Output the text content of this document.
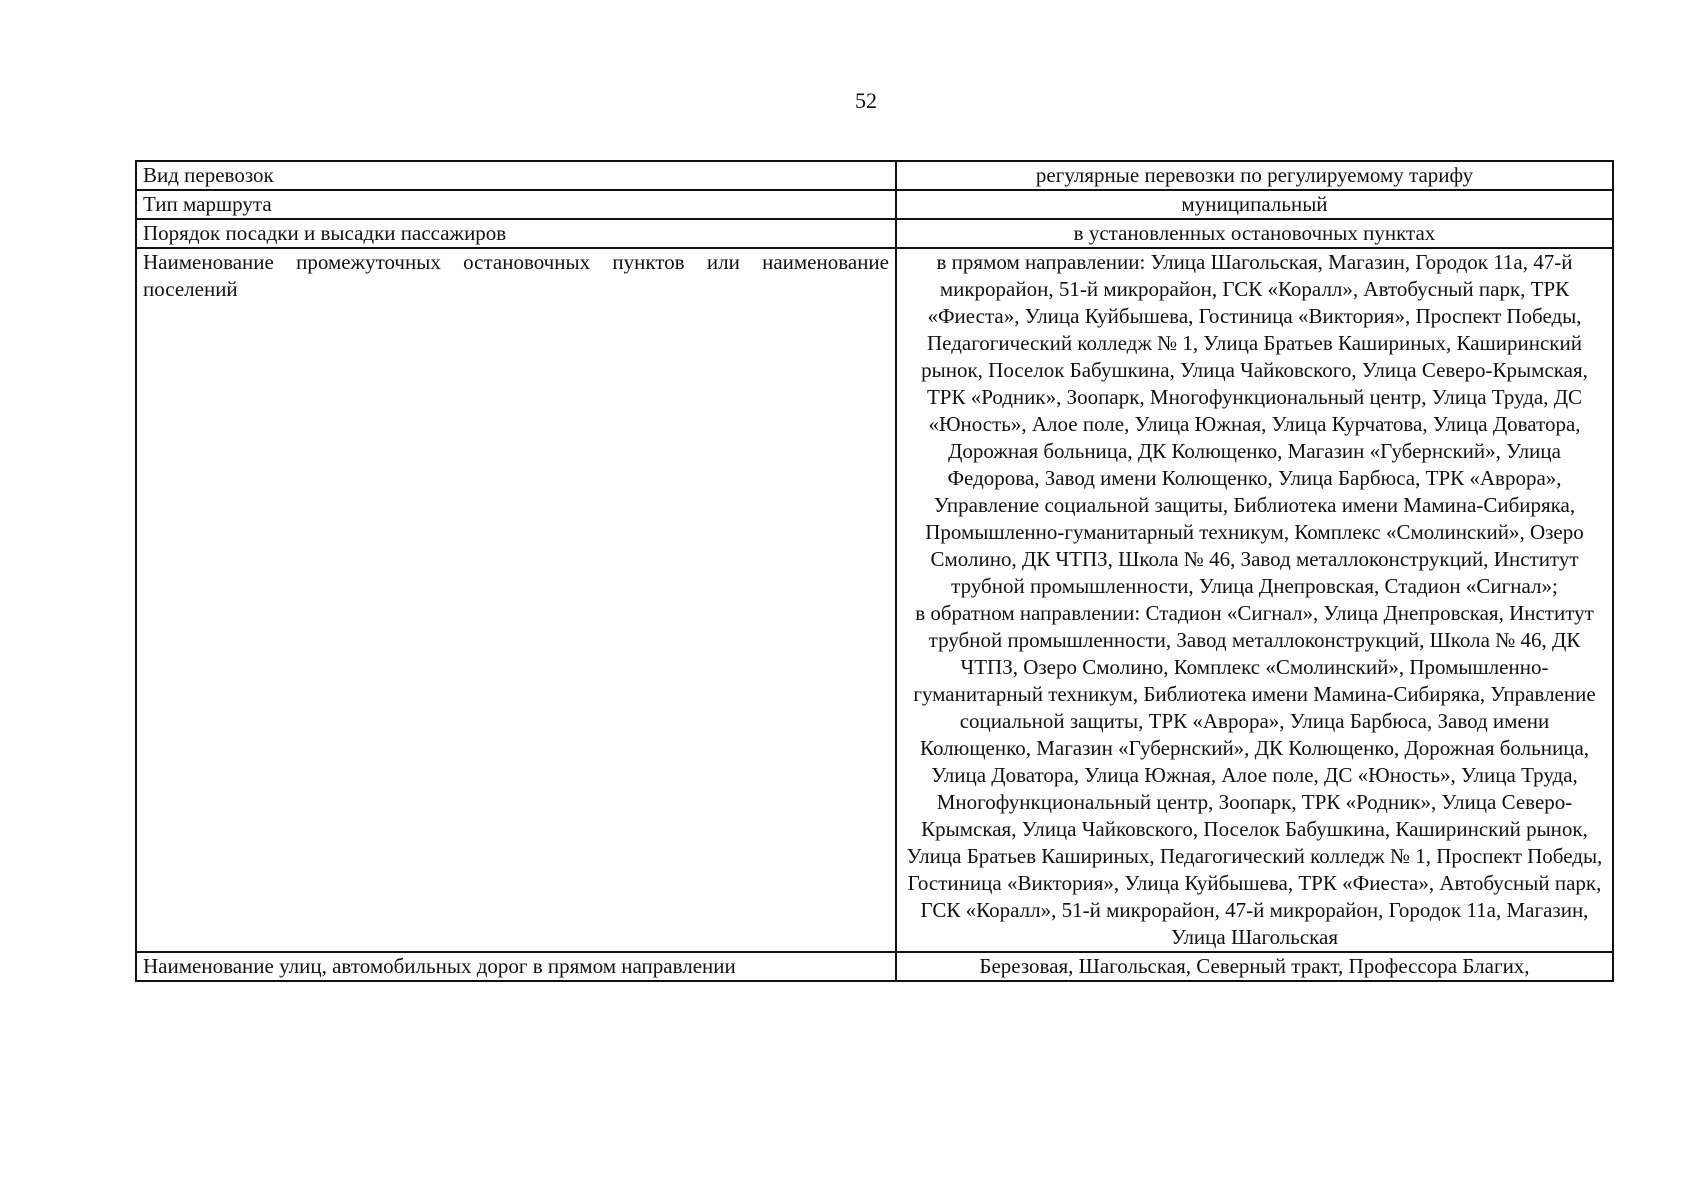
52
Вид перевозок	регулярные перевозки по регулируемому тарифу
Тип маршрута	муниципальный
Порядок посадки и высадки пассажиров	в установленных остановочных пунктах
Наименование промежуточных остановочных пунктов или наименование поселений	в прямом направлении: Улица Шагольская, Магазин, Городок 11а, 47-й микрорайон, 51-й микрорайон, ГСК «Коралл», Автобусный парк, ТРК «Фиеста», Улица Куйбышева, Гостиница «Виктория», Проспект Победы, Педагогический колледж № 1, Улица Братьев Кашириных, Каширинский рынок, Поселок Бабушкина, Улица Чайковского, Улица Северо-Крымская, ТРК «Родник», Зоопарк, Многофункциональный центр, Улица Труда, ДС «Юность», Алое поле, Улица Южная, Улица Курчатова, Улица Доватора, Дорожная больница, ДК Колющенко, Магазин «Губернский», Улица Федорова, Завод имени Колющенко, Улица Барбюса, ТРК «Аврора», Управление социальной защиты, Библиотека имени Мамина-Сибиряка, Промышленно-гуманитарный техникум, Комплекс «Смолинский», Озеро Смолино, ДК ЧТПЗ, Школа № 46, Завод металлоконструкций, Институт трубной промышленности, Улица Днепровская, Стадион «Сигнал»;
в обратном направлении: Стадион «Сигнал», Улица Днепровская, Институт трубной промышленности, Завод металлоконструкций, Школа № 46, ДК ЧТПЗ, Озеро Смолино, Комплекс «Смолинский», Промышленно-гуманитарный техникум, Библиотека имени Мамина-Сибиряка, Управление социальной защиты, ТРК «Аврора», Улица Барбюса, Завод имени Колющенко, Магазин «Губернский», ДК Колющенко, Дорожная больница, Улица Доватора, Улица Южная, Алое поле, ДС «Юность», Улица Труда, Многофункциональный центр, Зоопарк, ТРК «Родник», Улица Северо-Крымская, Улица Чайковского, Поселок Бабушкина, Каширинский рынок, Улица Братьев Кашириных, Педагогический колледж № 1, Проспект Победы, Гостиница «Виктория», Улица Куйбышева, ТРК «Фиеста», Автобусный парк, ГСК «Коралл», 51-й микрорайон, 47-й микрорайон, Городок 11а, Магазин, Улица Шагольская

Наименование улиц, автомобильных дорог в прямом направлении	Березовая, Шагольская, Северный тракт, Профессора Благих,
